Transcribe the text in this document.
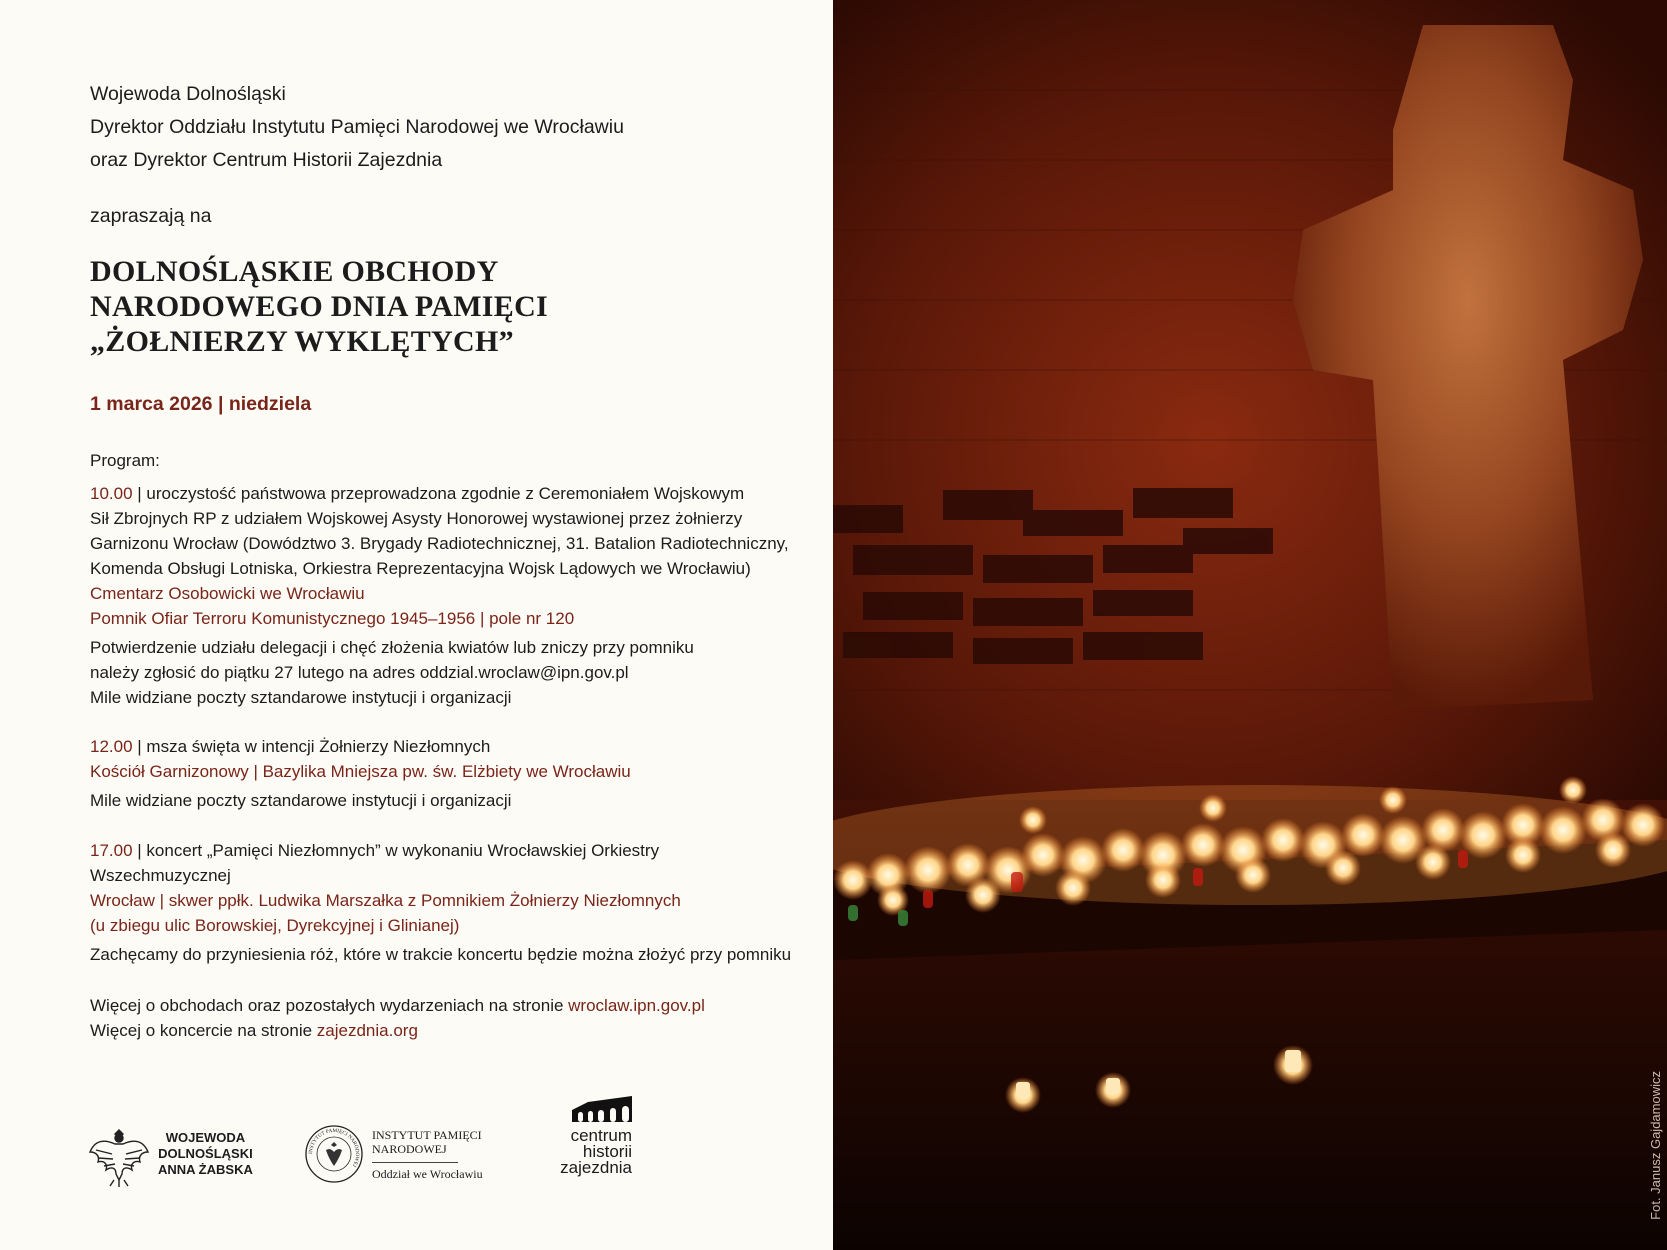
Wojewoda Dolnośląski
Dyrektor Oddziału Instytutu Pamięci Narodowej we Wrocławiu
oraz Dyrektor Centrum Historii Zajezdnia
zapraszają na
DOLNOŚLĄSKIE OBCHODY
NARODOWEGO DNIA PAMIĘCI
„ŻOŁNIERZY WYKLĘTYCH”
1 marca 2026 | niedziela
Program:
10.00 | uroczystość państwowa przeprowadzona zgodnie z Ceremoniałem Wojskowym
Sił Zbrojnych RP z udziałem Wojskowej Asysty Honorowej wystawionej przez żołnierzy
Garnizonu Wrocław (Dowództwo 3. Brygady Radiotechnicznej, 31. Batalion Radiotechniczny,
Komenda Obsługi Lotniska, Orkiestra Reprezentacyjna Wojsk Lądowych we Wrocławiu)
Cmentarz Osobowicki we Wrocławiu
Pomnik Ofiar Terroru Komunistycznego 1945–1956 | pole nr 120
Potwierdzenie udziału delegacji i chęć złożenia kwiatów lub zniczy przy pomniku
należy zgłosić do piątku 27 lutego na adres oddzial.wroclaw@ipn.gov.pl
Mile widziane poczty sztandarowe instytucji i organizacji
12.00 | msza święta w intencji Żołnierzy Niezłomnych
Kościół Garnizonowy | Bazylika Mniejsza pw. św. Elżbiety we Wrocławiu
Mile widziane poczty sztandarowe instytucji i organizacji
17.00 | koncert „Pamięci Niezłomnych” w wykonaniu Wrocławskiej Orkiestry
Wszechmuzycznej
Wrocław | skwer ppłk. Ludwika Marszałka z Pomnikiem Żołnierzy Niezłomnych
(u zbiegu ulic Borowskiej, Dyrekcyjnej i Glinianej)
Zachęcamy do przyniesienia róż, które w trakcie koncertu będzie można złożyć przy pomniku
Więcej o obchodach oraz pozostałych wydarzeniach na stronie wroclaw.ipn.gov.pl
Więcej o koncercie na stronie zajezdnia.org
WOJEWODA
DOLNOŚLĄSKI
ANNA ŻABSKA
INSTYTUT PAMIĘCI NARODOWEJ
INSTYTUT PAMIĘCI
NARODOWEJ
Oddział we Wrocławiu
centrum
historii
zajezdnia	Fot. Janusz Gajdamowicz
